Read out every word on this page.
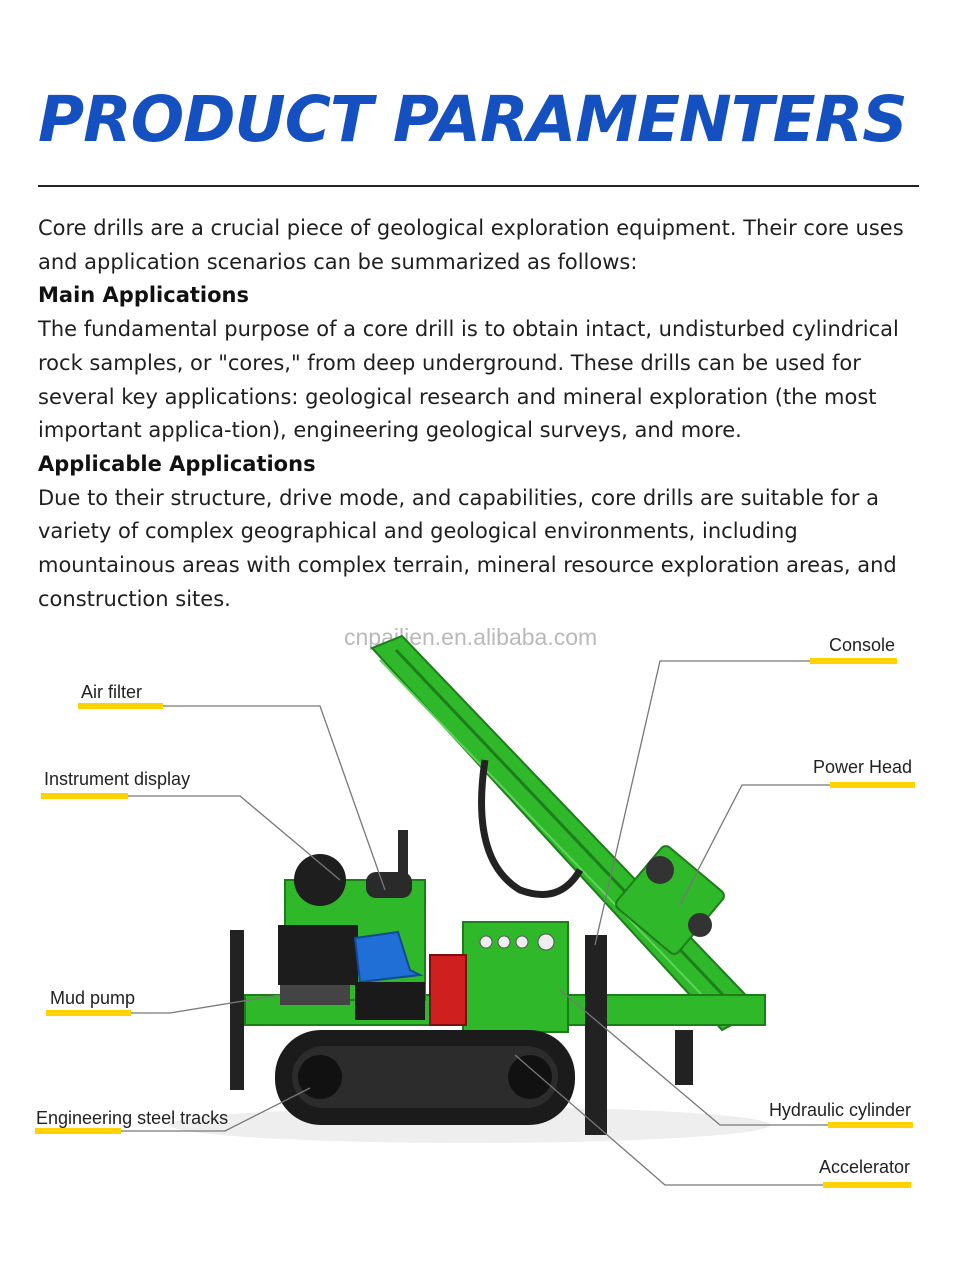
PRODUCT PARAMENTERS

Core drills are a crucial piece of geological exploration equipment. Their core uses and application scenarios can be summarized as follows:

Main Applications

The fundamental purpose of a core drill is to obtain intact, undisturbed cylindrical rock samples, or "cores," from deep underground. These drills can be used for several key applications: geological research and mineral exploration (the most important applica-tion), engineering geological surveys, and more.

Applicable Applications

Due to their structure, drive mode, and capabilities, core drills are suitable for a variety of complex geographical and geological environments, including mountainous areas with complex terrain, mineral resource exploration areas, and construction sites.

cnpailien.en.alibaba.com
Air filter
Instrument display
Mud pump
Engineering steel tracks
Console
Power Head
Hydraulic cylinder
Accelerator
